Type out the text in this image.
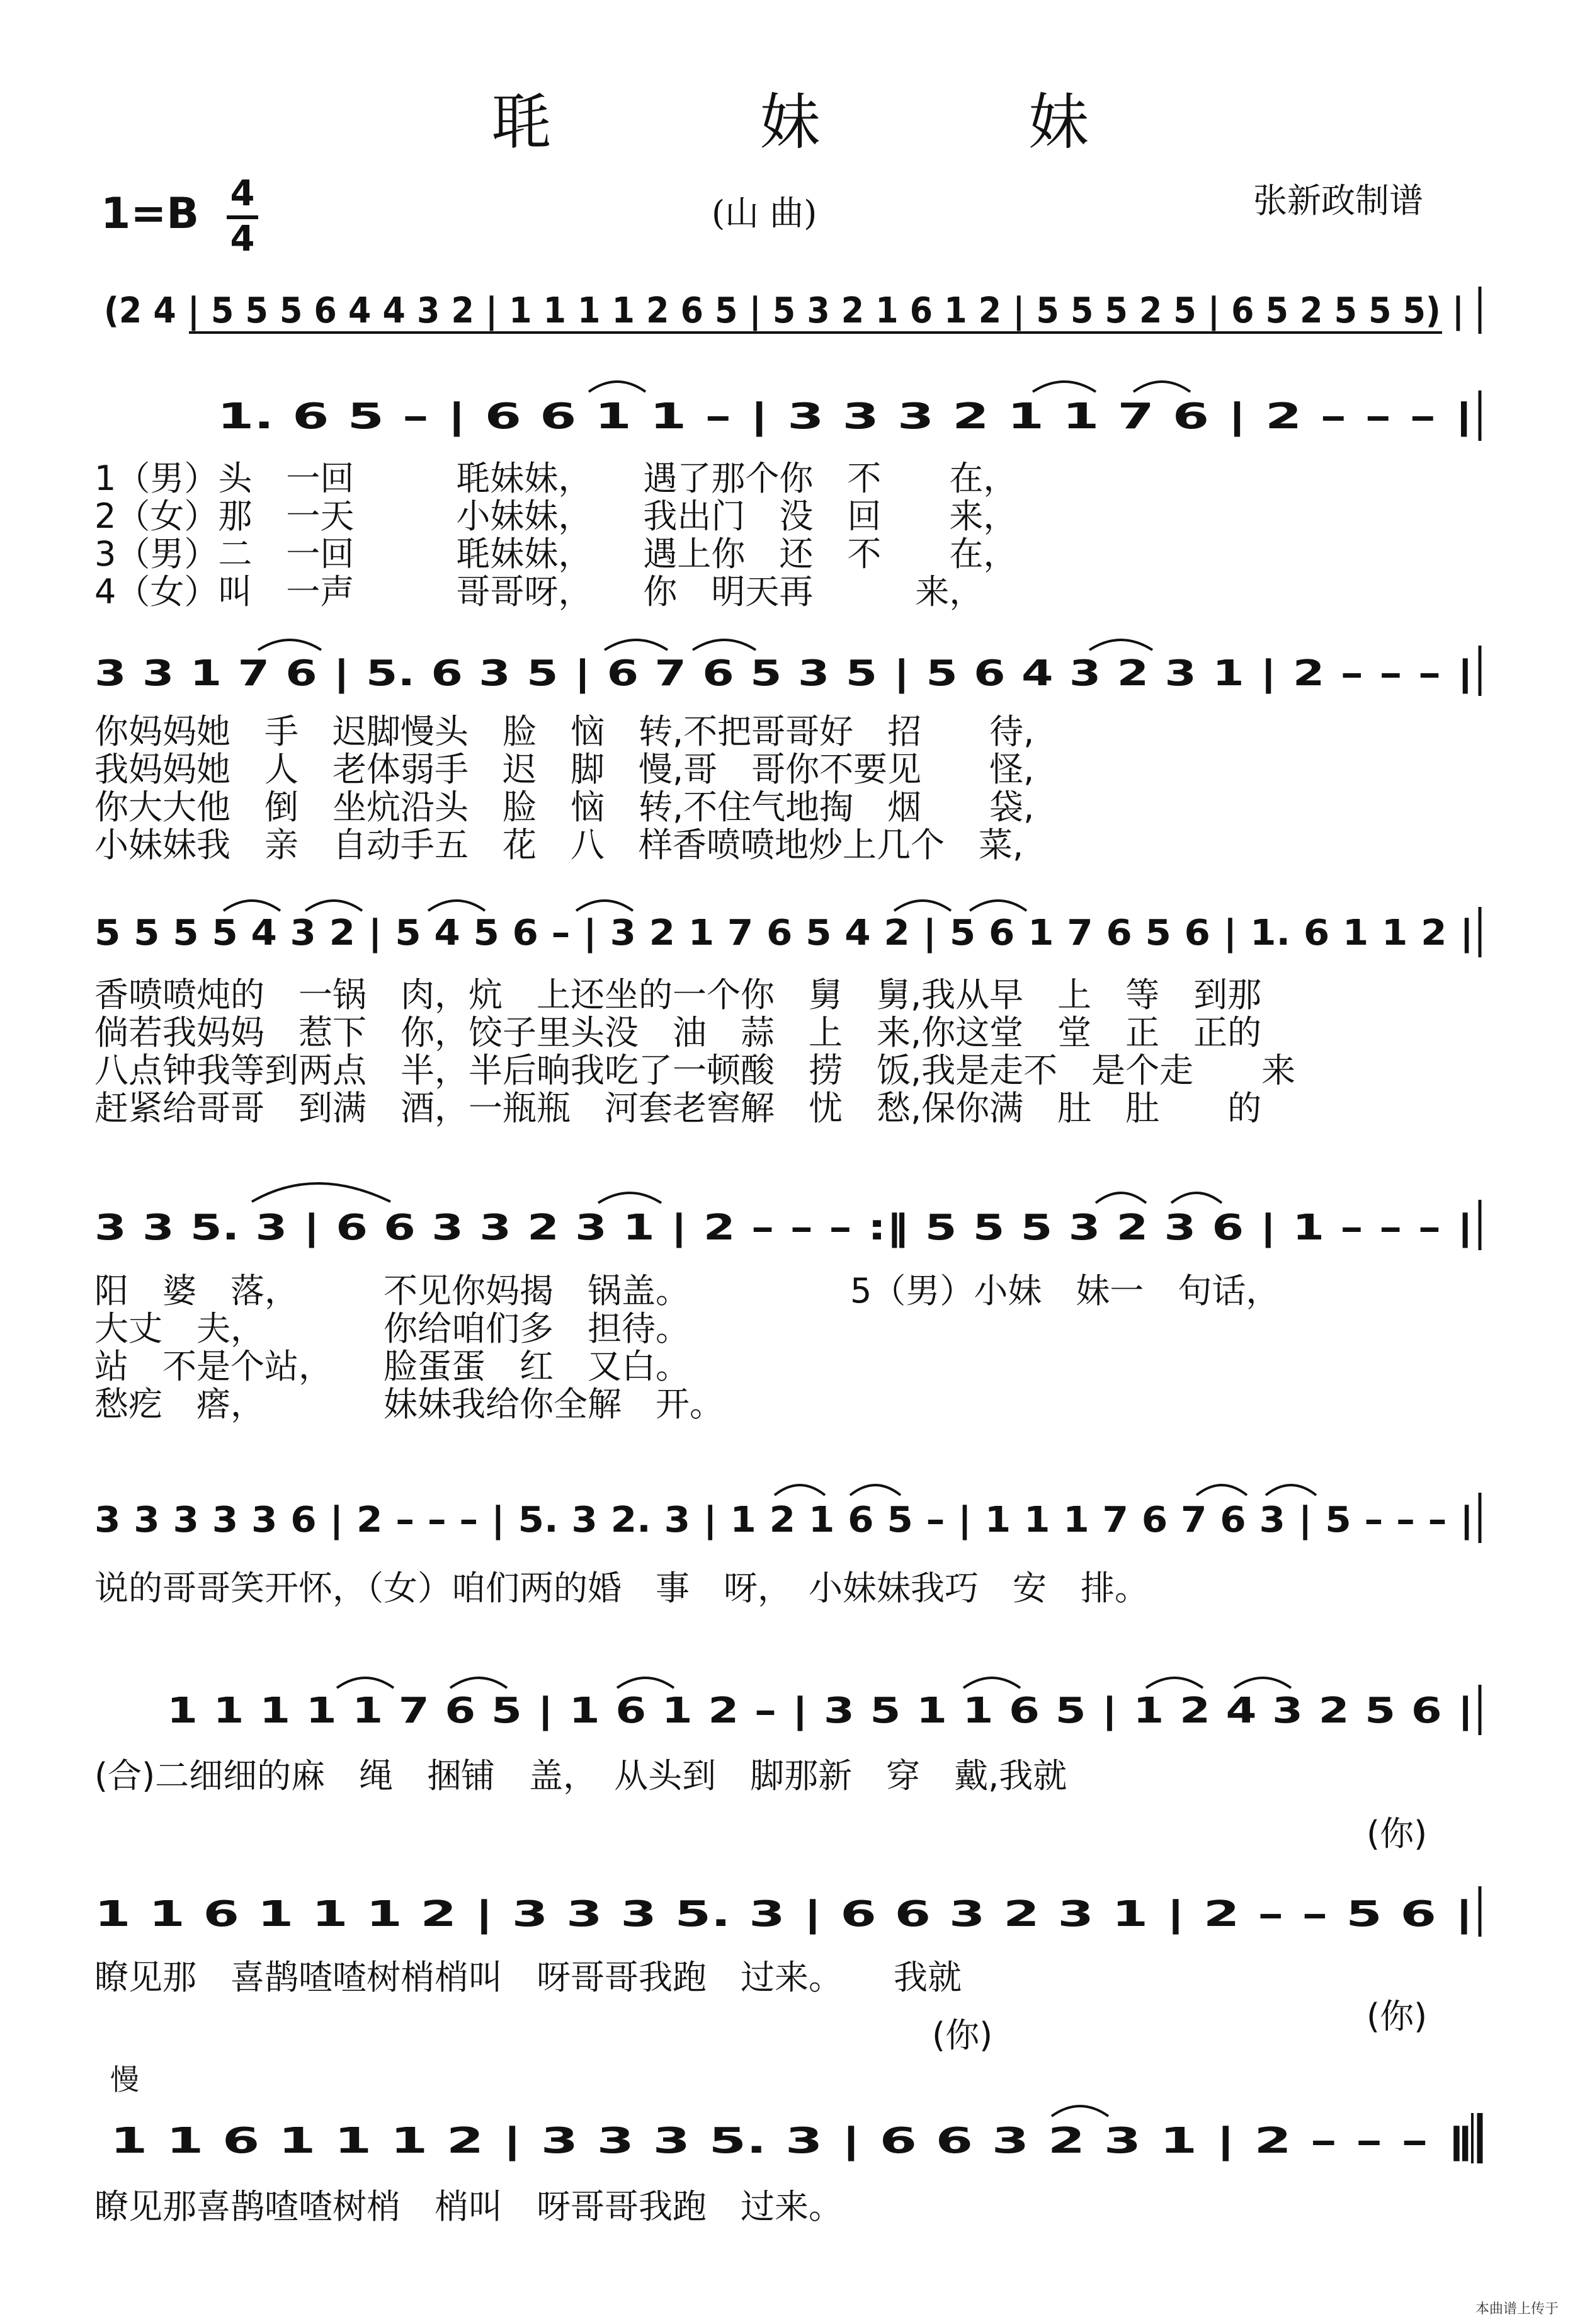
毦 妹 妹
$1=B \frac{4}{4}$	(山 曲)	张新政制谱
(2 4 | 5 5 5 6 4 4 3 2 | 1 1 1 1 2 6 5 | 5 3 2 1 6 1 2 | 5 5 5 2 5 | 6 5 2 5 5 5) |
1. 6 5 – | 6 6 1 1 – | 3 3 3 2 1 1 7 6 | 2 – – – |
1（男）头　一回　　　毦妹妹，　　遇了那个你　不　　在，
2（女）那　一天　　　小妹妹，　　我出门　没　回　　来，
3（男）二　一回　　　毦妹妹，　　遇上你　还　不　　在，
4（女）叫　一声　　　哥哥呀，　　你　明天再　　　来，
3 3 1 7 6 | 5. 6 3 5 | 6 7 6 5 3 5 | 5 6 4 3 2 3 1 | 2 – – – |
你妈妈她　手　迟脚慢头　脸　恼　转,不把哥哥好　招　　待,
我妈妈她　人　老体弱手　迟　脚　慢,哥　哥你不要见　　怪,
你大大他　倒　坐炕沿头　脸　恼　转,不住气地掏　烟　　袋,
小妹妹我　亲　自动手五　花　八　样香喷喷地炒上几个　菜,
5 5 5 5 4 3 2 | 5 4 5 6 – | 3 2 1 7 6 5 4 2 | 5 6 1 7 6 5 6 | 1. 6 1 1 2 |
香喷喷炖的　一锅　肉，炕　上还坐的一个你　舅　舅,我从早　上　等　到那
倘若我妈妈　惹下　你，饺子里头没　油　蒜　上　来,你这堂　堂　正　正的
八点钟我等到两点　半，半后晌我吃了一顿酸　捞　饭,我是走不　是个走　　来
赶紧给哥哥　到满　酒，一瓶瓶　河套老窖解　忧　愁,保你满　肚　肚　　的
3 3 5. 3 | 6 6 3 3 2 3 1 | 2 – – – :‖ 5 5 5 3 2 3 6 | 1 – – – |
阳　婆　落，　　　不见你妈揭　锅盖。	5（男）小妹　妹一　句话，
大丈　夫，　　　　你给咱们多　担待。
站　不是个站，　　脸蛋蛋　红　又白。
愁疙　瘩，　　　　妹妹我给你全解　开。
3 3 3 3 3 6 | 2 – – – | 5. 3 2. 3 | 1 2 1 6 5 – | 1 1 1 7 6 7 6 3 | 5 – – – |
说的哥哥笑开怀，（女）咱们两的婚　事　呀，　小妹妹我巧　安　排。
1 1 1 1 1 7 6 5 | 1 6 1 2 – | 3 5 1 1 6 5 | 1 2 4 3 2 5 6 |
(合)二细细的麻　绳　捆铺　盖，　从头到　脚那新　穿　戴,我就
(你)
1 1 6 1 1 1 2 | 3 3 3 5. 3 | 6 6 3 2 3 1 | 2 – – 5 6 |
瞭见那　喜鹊喳喳树梢梢叫　呀哥哥我跑　过来。　　我就
(你)	(你)
慢
1 1 6 1 1 1 2 | 3 3 3 5. 3 | 6 6 3 2 3 1 | 2 – – – ‖
瞭见那喜鹊喳喳树梢　梢叫　呀哥哥我跑　过来。
本曲谱上传于
